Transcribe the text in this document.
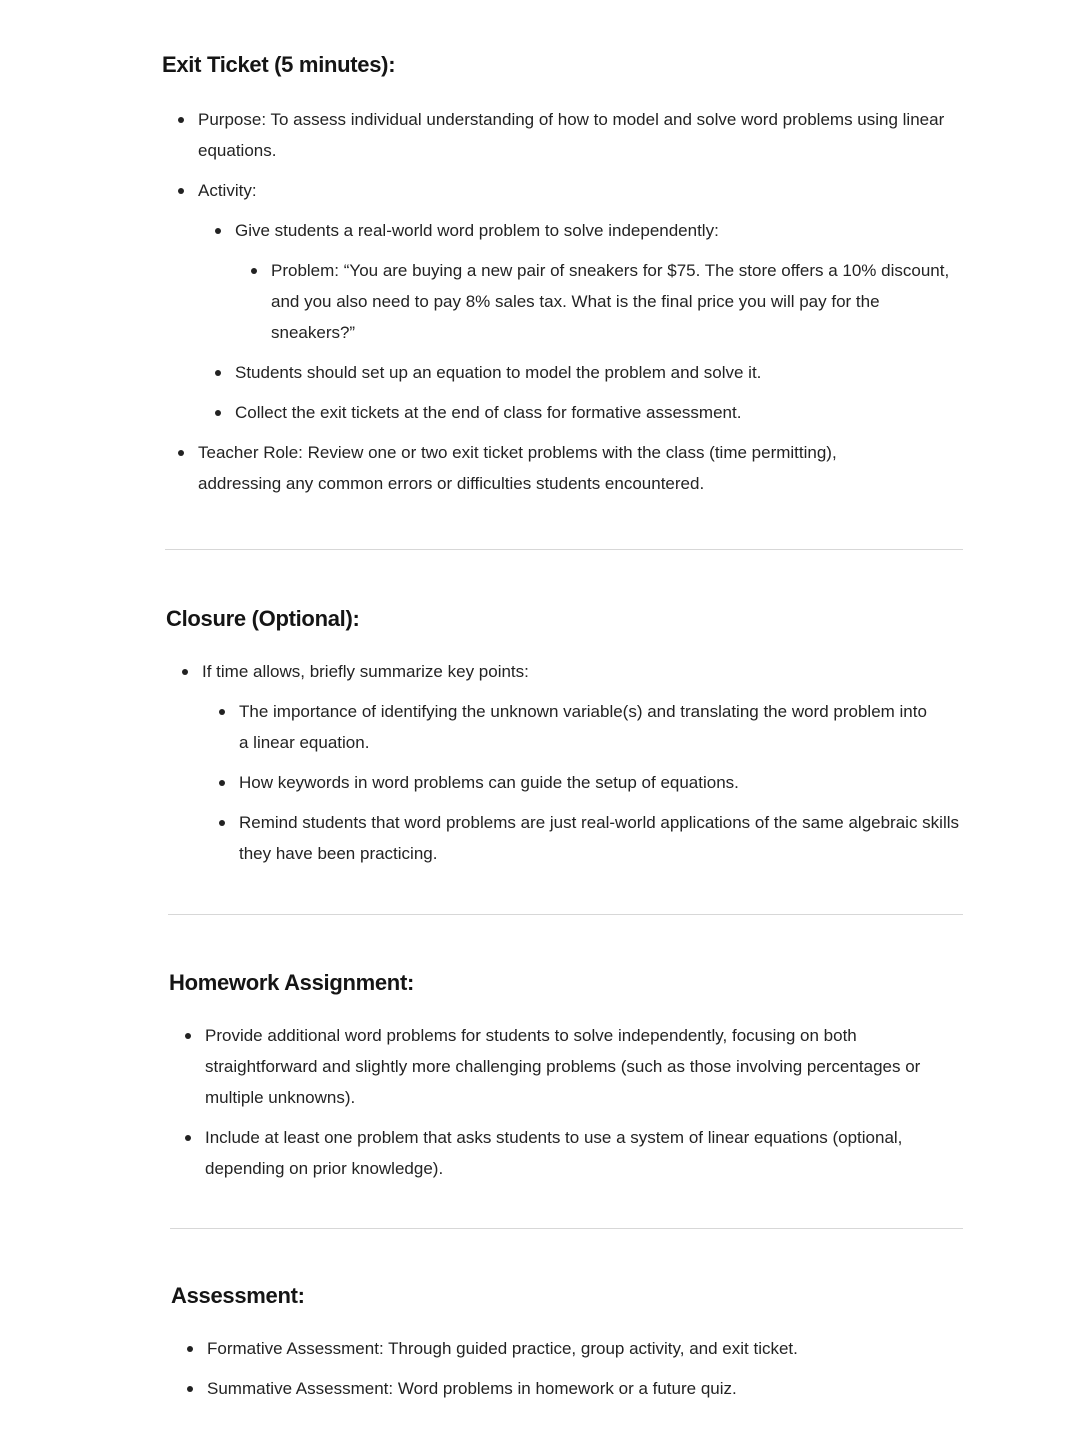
Exit Ticket (5 minutes):
Purpose: To assess individual understanding of how to model and solve word problems using linear equations.
Activity:
Give students a real-world word problem to solve independently:
Problem: “You are buying a new pair of sneakers for $75. The store offers a 10% discount, and you also need to pay 8% sales tax. What is the final price you will pay for the sneakers?”
Students should set up an equation to model the problem and solve it.
Collect the exit tickets at the end of class for formative assessment.
Teacher Role: Review one or two exit ticket problems with the class (time permitting), addressing any common errors or difficulties students encountered.
Closure (Optional):
If time allows, briefly summarize key points:
The importance of identifying the unknown variable(s) and translating the word problem into a linear equation.
How keywords in word problems can guide the setup of equations.
Remind students that word problems are just real-world applications of the same algebraic skills they have been practicing.
Homework Assignment:
Provide additional word problems for students to solve independently, focusing on both straightforward and slightly more challenging problems (such as those involving percentages or multiple unknowns).
Include at least one problem that asks students to use a system of linear equations (optional, depending on prior knowledge).
Assessment:
Formative Assessment: Through guided practice, group activity, and exit ticket.
Summative Assessment: Word problems in homework or a future quiz.
